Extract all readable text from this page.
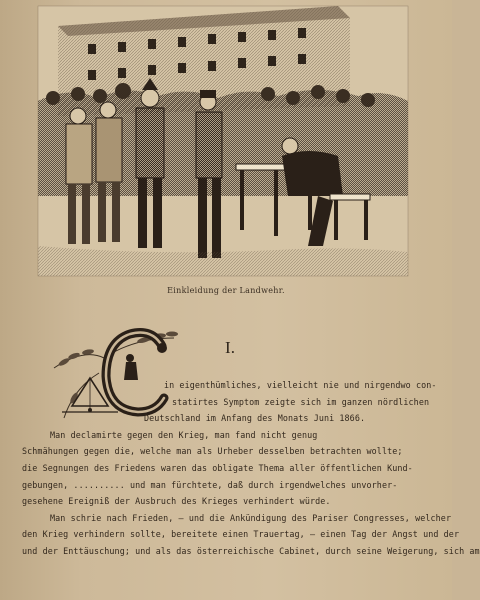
Einkleidung der Landwehr.
I.
in eigenthümliches, vielleicht nie und nirgendwo con-
statirtes Symptom zeigte sich im ganzen nördlichen
Deutschland im Anfang des Monats Juni 1866.
Man declamirte gegen den Krieg, man fand nicht genug
Schmähungen gegen die, welche man als Urheber desselben betrachten wollte;
die Segnungen des Friedens waren das obligate Thema aller öffentlichen Kund-
gebungen, .......... und man fürchtete, daß durch irgendwelches unvorher-
gesehene Ereigniß der Ausbruch des Krieges verhindert würde.
Man schrie nach Frieden, — und die Ankündigung des Pariser Congresses, welcher
den Krieg verhindern sollte, bereitete einen Trauertag, — einen Tag der Angst und der
und der Enttäuschung; und als das österreichische Cabinet, durch seine Weigerung, sich am
